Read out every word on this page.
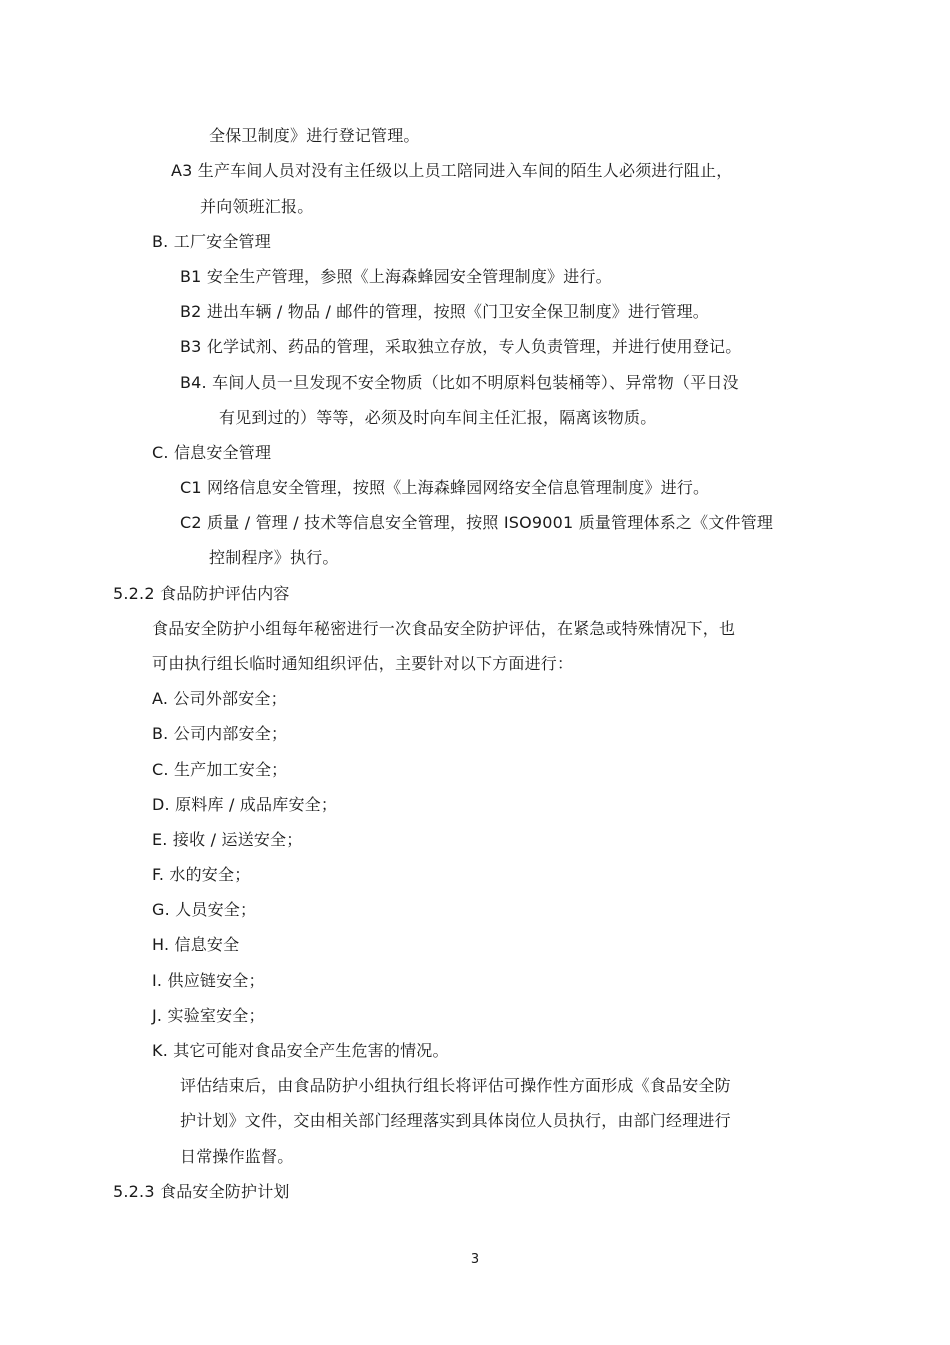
全保卫制度》进行登记管理。

A3 生产车间人员对没有主任级以上员工陪同进入车间的陌生人必须进行阻止，

并向领班汇报。

B. 工厂安全管理

B1 安全生产管理，参照《上海森蜂园安全管理制度》进行。

B2 进出车辆 / 物品 / 邮件的管理，按照《门卫安全保卫制度》进行管理。

B3 化学试剂、药品的管理，采取独立存放，专人负责管理，并进行使用登记。

B4. 车间人员一旦发现不安全物质（比如不明原料包装桶等）、异常物（平日没

有见到过的）等等，必须及时向车间主任汇报，隔离该物质。

C. 信息安全管理

C1 网络信息安全管理，按照《上海森蜂园网络安全信息管理制度》进行。

C2 质量 / 管理 / 技术等信息安全管理，按照 ISO9001 质量管理体系之《文件管理

控制程序》执行。

5.2.2 食品防护评估内容

食品安全防护小组每年秘密进行一次食品安全防护评估，在紧急或特殊情况下，也

可由执行组长临时通知组织评估，主要针对以下方面进行：

A. 公司外部安全；

B. 公司内部安全；

C. 生产加工安全；

D. 原料库 / 成品库安全；

E. 接收 / 运送安全；

F. 水的安全；

G. 人员安全；

H. 信息安全

I. 供应链安全；

J. 实验室安全；

K. 其它可能对食品安全产生危害的情况。

评估结束后，由食品防护小组执行组长将评估可操作性方面形成《食品安全防

护计划》文件，交由相关部门经理落实到具体岗位人员执行，由部门经理进行

日常操作监督。

5.2.3 食品安全防护计划

3
